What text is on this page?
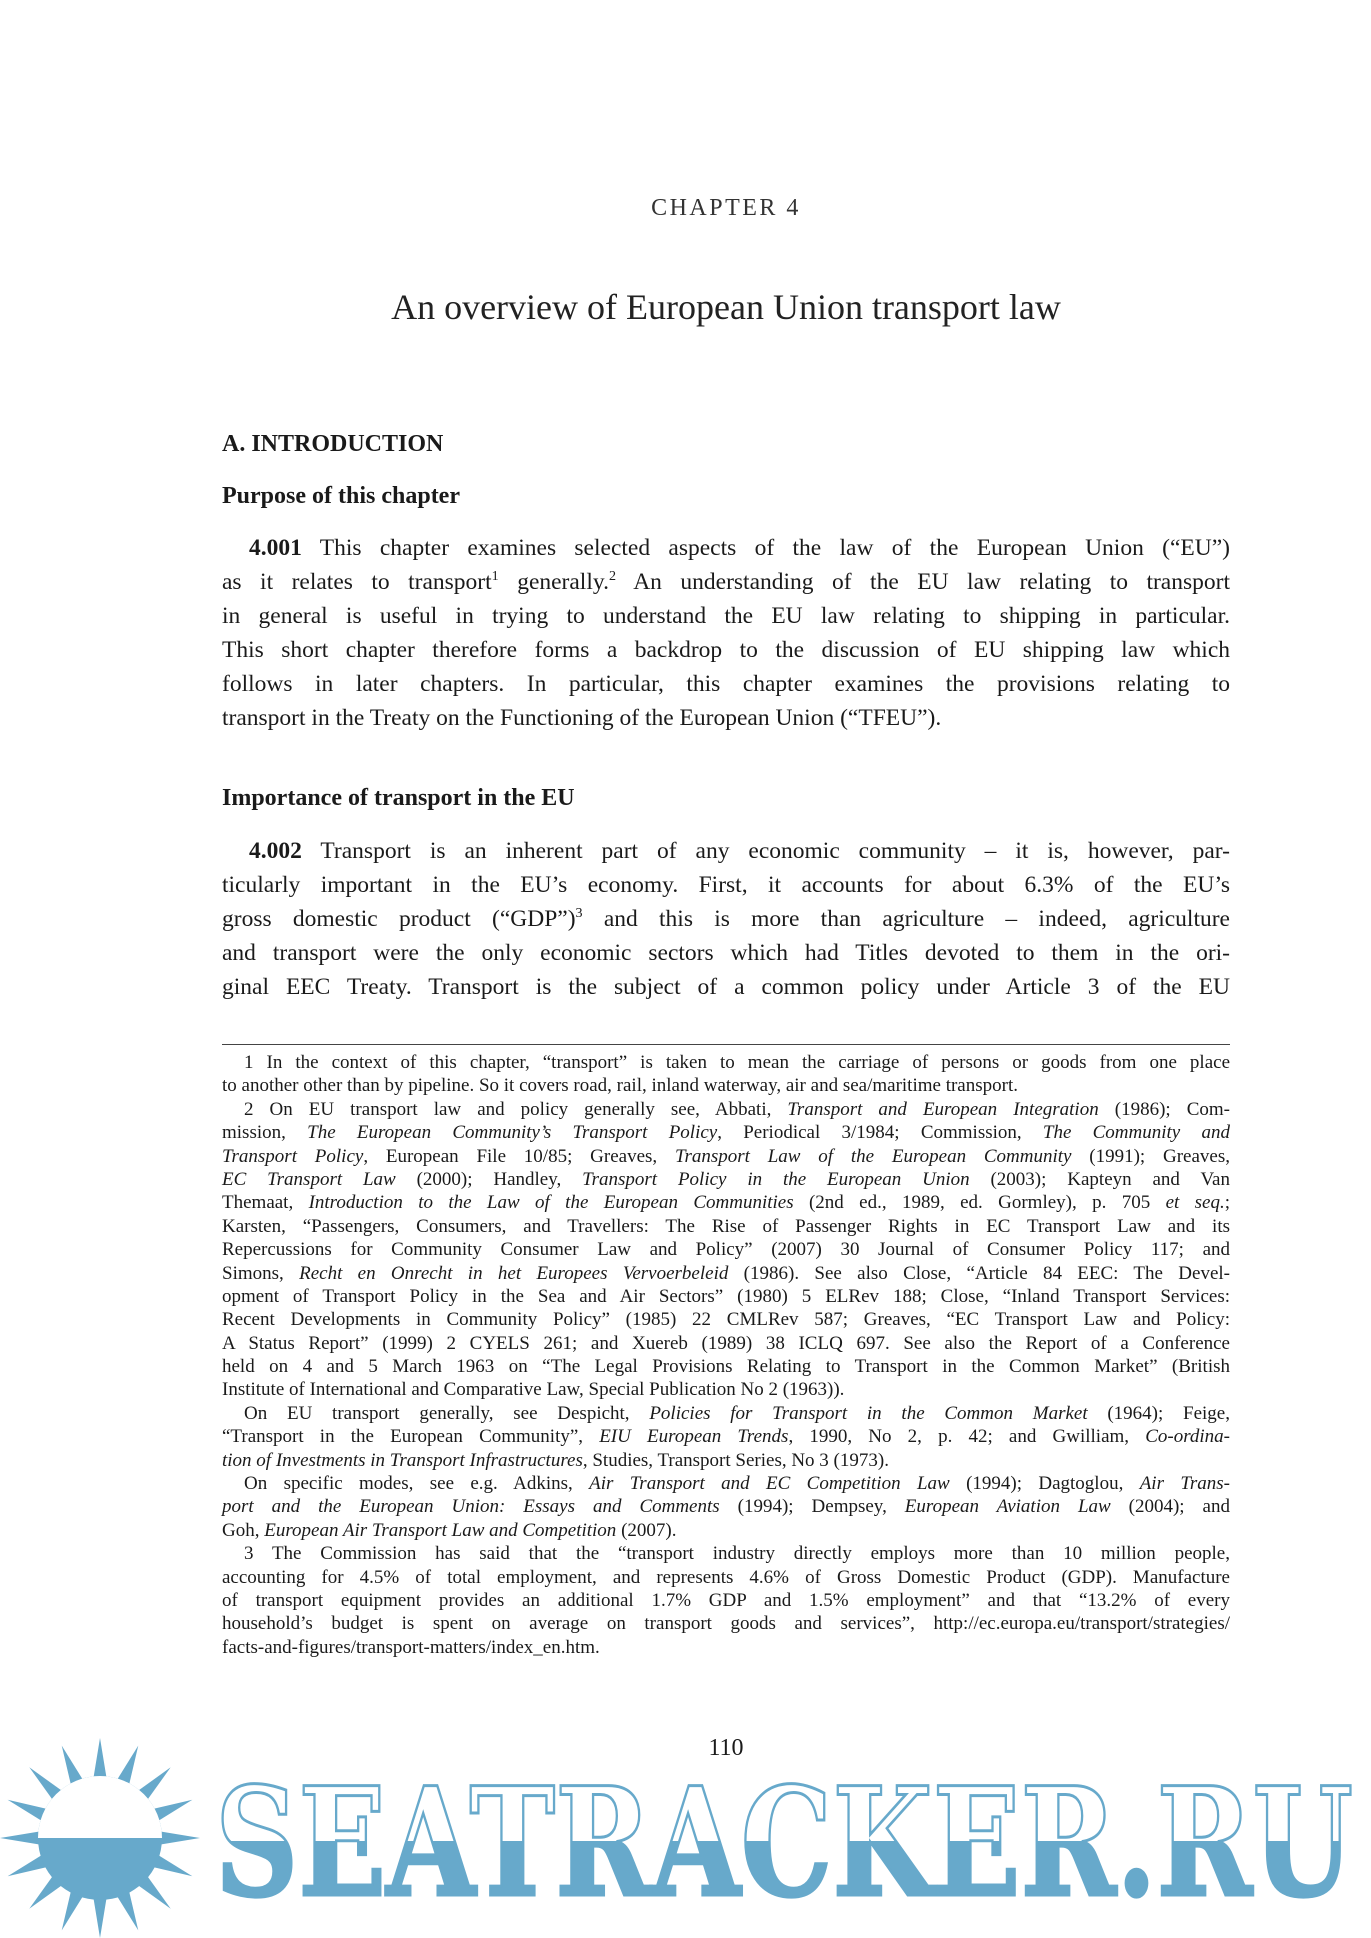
CHAPTER 4
An overview of European Union transport law
A. INTRODUCTION
Purpose of this chapter
4.001 This chapter examines selected aspects of the law of the European Union (“EU”)
as it relates to transport$^1$ generally.$^2$ An understanding of the EU law relating to transport
in general is useful in trying to understand the EU law relating to shipping in particular.
This short chapter therefore forms a backdrop to the discussion of EU shipping law which
follows in later chapters. In particular, this chapter examines the provisions relating to
transport in the Treaty on the Functioning of the European Union (“TFEU”).
Importance of transport in the EU
4.002 Transport is an inherent part of any economic community – it is, however, par-
ticularly important in the EU’s economy. First, it accounts for about 6.3% of the EU’s
gross domestic product (“GDP”)$^3$ and this is more than agriculture – indeed, agriculture
and transport were the only economic sectors which had Titles devoted to them in the ori-
ginal EEC Treaty. Transport is the subject of a common policy under Article 3 of the EU
1 In the context of this chapter, “transport” is taken to mean the carriage of persons or goods from one place
to another other than by pipeline. So it covers road, rail, inland waterway, air and sea/maritime transport.
2 On EU transport law and policy generally see, Abbati, Transport and European Integration (1986); Com-
mission, The European Community’s Transport Policy, Periodical 3/1984; Commission, The Community and
Transport Policy, European File 10/85; Greaves, Transport Law of the European Community (1991); Greaves,
EC Transport Law (2000); Handley, Transport Policy in the European Union (2003); Kapteyn and Van
Themaat, Introduction to the Law of the European Communities (2nd ed., 1989, ed. Gormley), p. 705 et seq.;
Karsten, “Passengers, Consumers, and Travellers: The Rise of Passenger Rights in EC Transport Law and its
Repercussions for Community Consumer Law and Policy” (2007) 30 Journal of Consumer Policy 117; and
Simons, Recht en Onrecht in het Europees Vervoerbeleid (1986). See also Close, “Article 84 EEC: The Devel-
opment of Transport Policy in the Sea and Air Sectors” (1980) 5 ELRev 188; Close, “Inland Transport Services:
Recent Developments in Community Policy” (1985) 22 CMLRev 587; Greaves, “EC Transport Law and Policy:
A Status Report” (1999) 2 CYELS 261; and Xuereb (1989) 38 ICLQ 697. See also the Report of a Conference
held on 4 and 5 March 1963 on “The Legal Provisions Relating to Transport in the Common Market” (British
Institute of International and Comparative Law, Special Publication No 2 (1963)).
On EU transport generally, see Despicht, Policies for Transport in the Common Market (1964); Feige,
“Transport in the European Community”, EIU European Trends, 1990, No 2, p. 42; and Gwilliam, Co-ordina-
tion of Investments in Transport Infrastructures, Studies, Transport Series, No 3 (1973).
On specific modes, see e.g. Adkins, Air Transport and EC Competition Law (1994); Dagtoglou, Air Trans-
port and the European Union: Essays and Comments (1994); Dempsey, European Aviation Law (2004); and
Goh, European Air Transport Law and Competition (2007).
3 The Commission has said that the “transport industry directly employs more than 10 million people,
accounting for 4.5% of total employment, and represents 4.6% of Gross Domestic Product (GDP). Manufacture
of transport equipment provides an additional 1.7% GDP and 1.5% employment” and that “13.2% of every
household’s budget is spent on average on transport goods and services”, http://ec.europa.eu/transport/strategies/
facts-and-figures/transport-matters/index_en.htm.
110
SEATRACKER.RU
